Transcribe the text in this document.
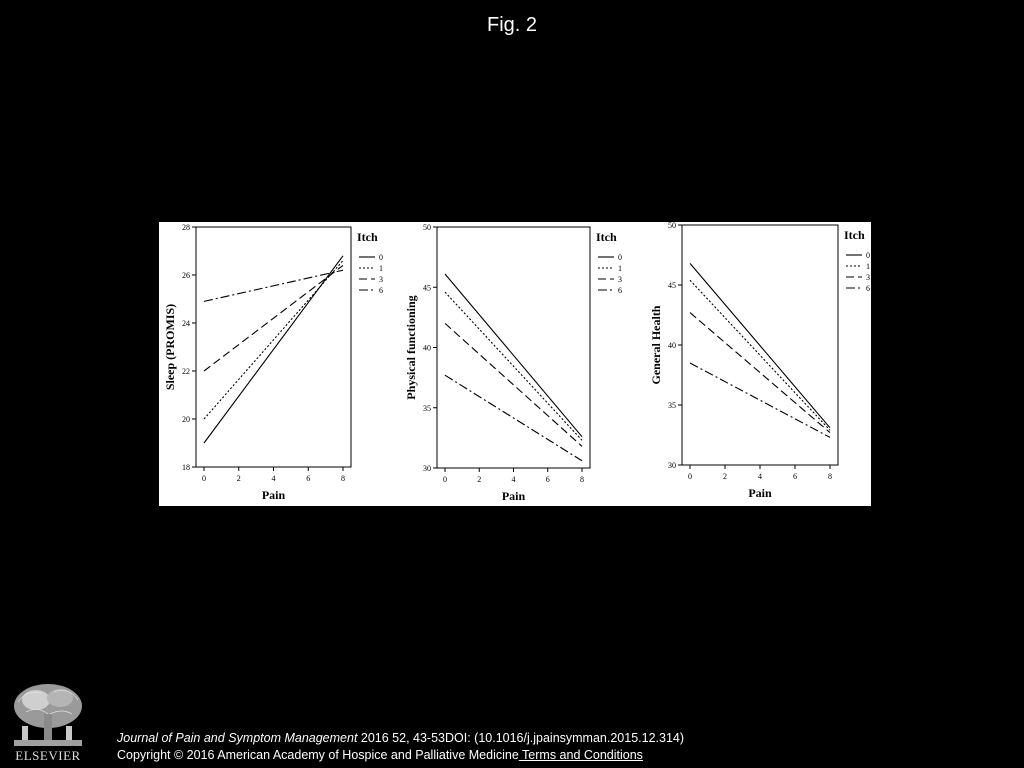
Fig. 2
18
20
22
24
26
28
0	2	4	6	8
Pain
Sleep (PROMIS)
Itch
0
1
3
6
30
35
40
45
50
0	2	4	6	8
Pain
Physical functioning
Itch
0
1
3
6
30
35
40
45
50
0	2	4	6	8
Pain
General Health
Itch
0
1
3
6
ELSEVIER
Journal of Pain and Symptom Management 2016 52, 43-53DOI: (10.1016/j.jpainsymman.2015.12.314)
Copyright © 2016 American Academy of Hospice and Palliative Medicine Terms and Conditions
